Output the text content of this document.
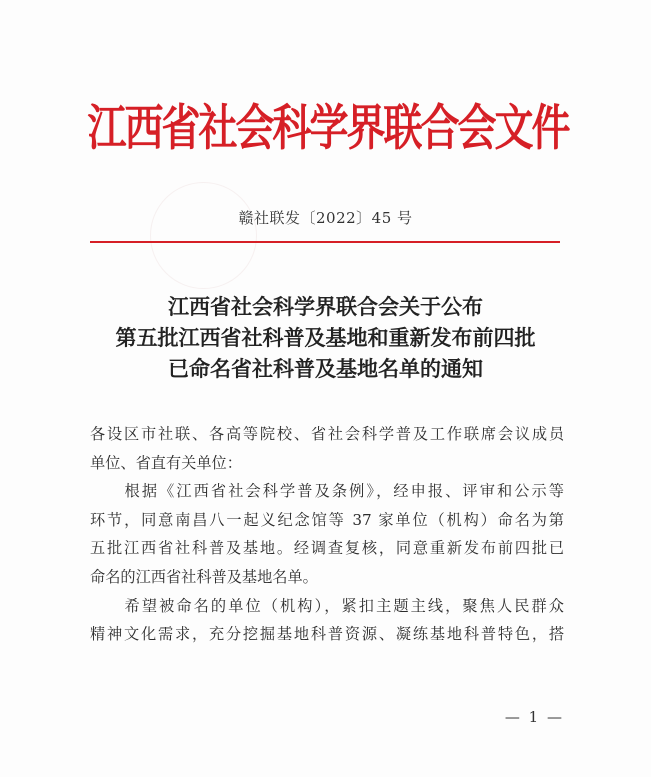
江西省社会科学界联合会文件
赣社联发〔2022〕45 号
江西省社会科学界联合会关于公布
第五批江西省社科普及基地和重新发布前四批
已命名省社科普及基地名单的通知
各设区市社联、各高等院校、省社会科学普及工作联席会议成员
单位、省直有关单位：
　　根据《江西省社会科学普及条例》，经申报、评审和公示等
环节，同意南昌八一起义纪念馆等 37 家单位（机构）命名为第
五批江西省社科普及基地。经调查复核，同意重新发布前四批已
命名的江西省社科普及基地名单。
　　希望被命名的单位（机构），紧扣主题主线，聚焦人民群众
精神文化需求，充分挖掘基地科普资源、凝练基地科普特色，搭
— 1 —
